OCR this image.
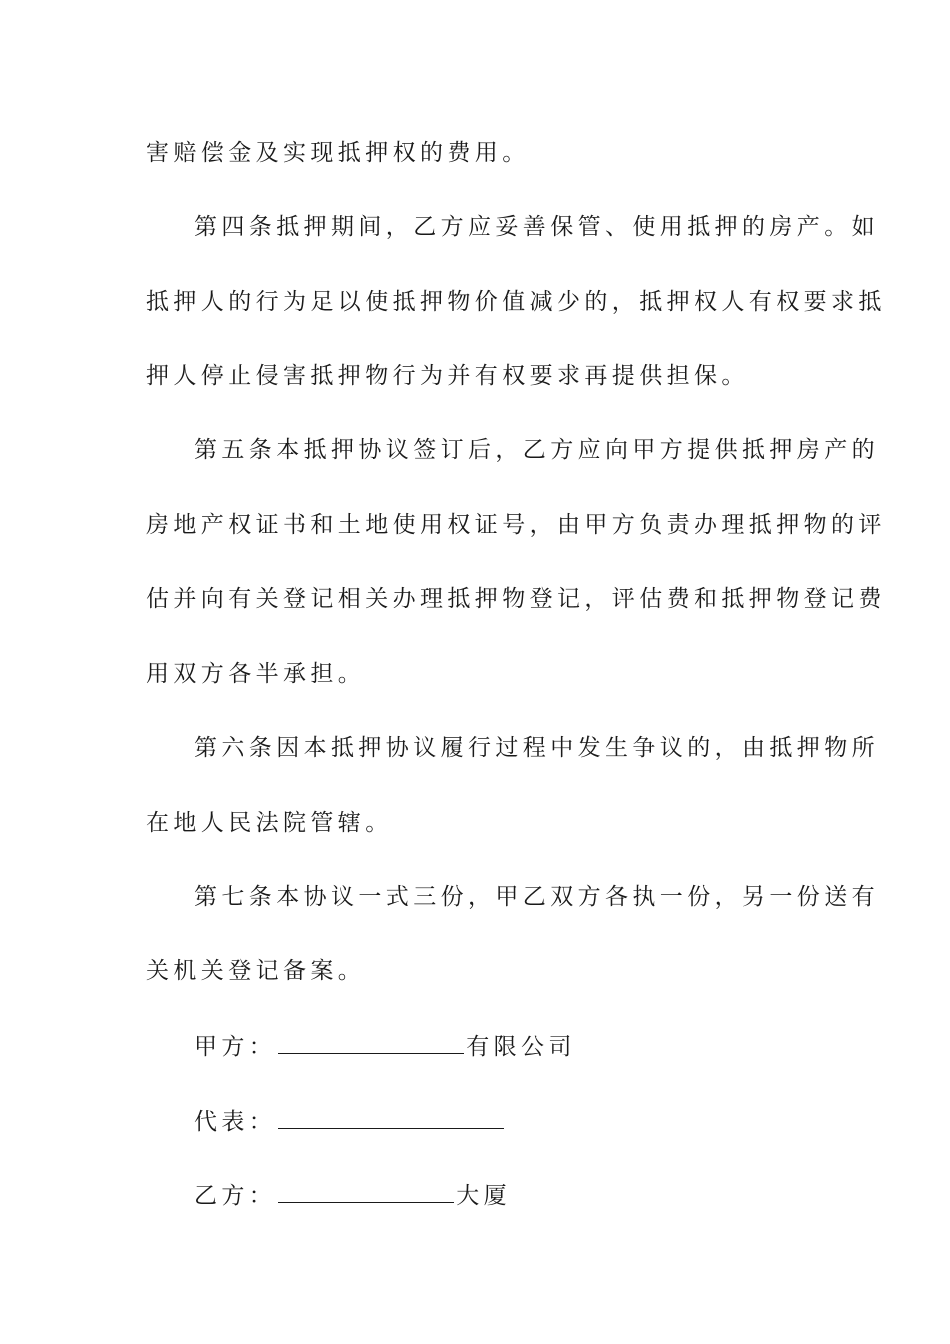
害赔偿金及实现抵押权的费用。
第四条抵押期间，乙方应妥善保管、使用抵押的房产。如
抵押人的行为足以使抵押物价值减少的，抵押权人有权要求抵
押人停止侵害抵押物行为并有权要求再提供担保。
第五条本抵押协议签订后，乙方应向甲方提供抵押房产的
房地产权证书和土地使用权证号，由甲方负责办理抵押物的评
估并向有关登记相关办理抵押物登记，评估费和抵押物登记费
用双方各半承担。
第六条因本抵押协议履行过程中发生争议的，由抵押物所
在地人民法院管辖。
第七条本协议一式三份，甲乙双方各执一份，另一份送有
关机关登记备案。
甲方：	有限公司
代表：
乙方：	大厦
